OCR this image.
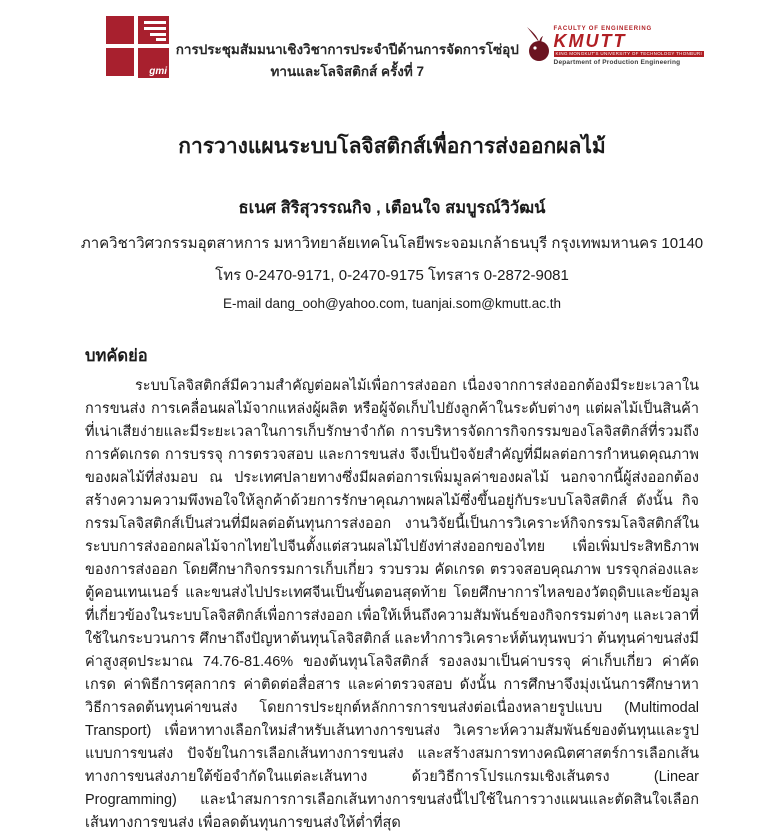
gmi
การประชุมสัมมนาเชิงวิชาการประจำปีด้านการจัดการโซ่อุปทานและโลจิสติกส์ ครั้งที่ 7
FACULTY OF ENGINEERING
KMUTT
KING MONGKUT'S UNIVERSITY OF TECHNOLOGY THONBURI
Department of Production Engineering
การวางแผนระบบโลจิสติกส์เพื่อการส่งออกผลไม้
ธเนศ สิริสุวรรณกิจ , เตือนใจ สมบูรณ์วิวัฒน์
ภาควิชาวิศวกรรมอุตสาหการ มหาวิทยาลัยเทคโนโลยีพระจอมเกล้าธนบุรี กรุงเทพมหานคร 10140
โทร 0-2470-9171, 0-2470-9175 โทรสาร 0-2872-9081
E-mail dang_ooh@yahoo.com, tuanjai.som@kmutt.ac.th
บทคัดย่อ

ระบบโลจิสติกส์มีความสำคัญต่อผลไม้เพื่อการส่งออก เนื่องจากการส่งออกต้องมีระยะเวลาในการขนส่ง การเคลื่อนผลไม้จากแหล่งผู้ผลิต หรือผู้จัดเก็บไปยังลูกค้าในระดับต่างๆ แต่ผลไม้เป็นสินค้าที่เน่าเสียง่ายและมีระยะเวลาในการเก็บรักษาจำกัด การบริหารจัดการกิจกรรมของโลจิสติกส์ที่รวมถึงการคัดเกรด การบรรจุ การตรวจสอบ และการขนส่ง จึงเป็นปัจจัยสำคัญที่มีผลต่อการกำหนดคุณภาพของผลไม้ที่ส่งมอบ ณ ประเทศปลายทางซึ่งมีผลต่อการเพิ่มมูลค่าของผลไม้ นอกจากนี้ผู้ส่งออกต้องสร้างความความพึงพอใจให้ลูกค้าด้วยการรักษาคุณภาพผลไม้ซึ่งขึ้นอยู่กับระบบโลจิสติกส์ ดังนั้น กิจกรรมโลจิสติกส์เป็นส่วนที่มีผลต่อต้นทุนการส่งออก งานวิจัยนี้เป็นการวิเคราะห์กิจกรรมโลจิสติกส์ในระบบการส่งออกผลไม้จากไทยไปจีนตั้งแต่สวนผลไม้ไปยังท่าส่งออกของไทย เพื่อเพิ่มประสิทธิภาพของการส่งออก โดยศึกษากิจกรรมการเก็บเกี่ยว รวบรวม คัดเกรด ตรวจสอบคุณภาพ บรรจุกล่องและตู้คอนเทนเนอร์ และขนส่งไปประเทศจีนเป็นขั้นตอนสุดท้าย โดยศึกษาการไหลของวัตถุดิบและข้อมูลที่เกี่ยวข้องในระบบโลจิสติกส์เพื่อการส่งออก เพื่อให้เห็นถึงความสัมพันธ์ของกิจกรรมต่างๆ และเวลาที่ใช้ในกระบวนการ ศึกษาถึงปัญหาต้นทุนโลจิสติกส์ และทำการวิเคราะห์ต้นทุนพบว่า ต้นทุนค่าขนส่งมีค่าสูงสุดประมาณ 74.76-81.46% ของต้นทุนโลจิสติกส์ รองลงมาเป็นค่าบรรจุ ค่าเก็บเกี่ยว ค่าคัดเกรด ค่าพิธีการศุลกากร ค่าติดต่อสื่อสาร และค่าตรวจสอบ ดังนั้น การศึกษาจึงมุ่งเน้นการศึกษาหาวิธีการลดต้นทุนค่าขนส่ง โดยการประยุกต์หลักการการขนส่งต่อเนื่องหลายรูปแบบ (Multimodal Transport) เพื่อหาทางเลือกใหม่สำหรับเส้นทางการขนส่ง วิเคราะห์ความสัมพันธ์ของต้นทุนและรูปแบบการขนส่ง ปัจจัยในการเลือกเส้นทางการขนส่ง และสร้างสมการทางคณิตศาสตร์การเลือกเส้นทางการขนส่งภายใต้ข้อจำกัดในแต่ละเส้นทาง ด้วยวิธีการโปรแกรมเชิงเส้นตรง (Linear Programming) และนำสมการการเลือกเส้นทางการขนส่งนี้ไปใช้ในการวางแผนและตัดสินใจเลือกเส้นทางการขนส่ง เพื่อลดต้นทุนการขนส่งให้ต่ำที่สุด
